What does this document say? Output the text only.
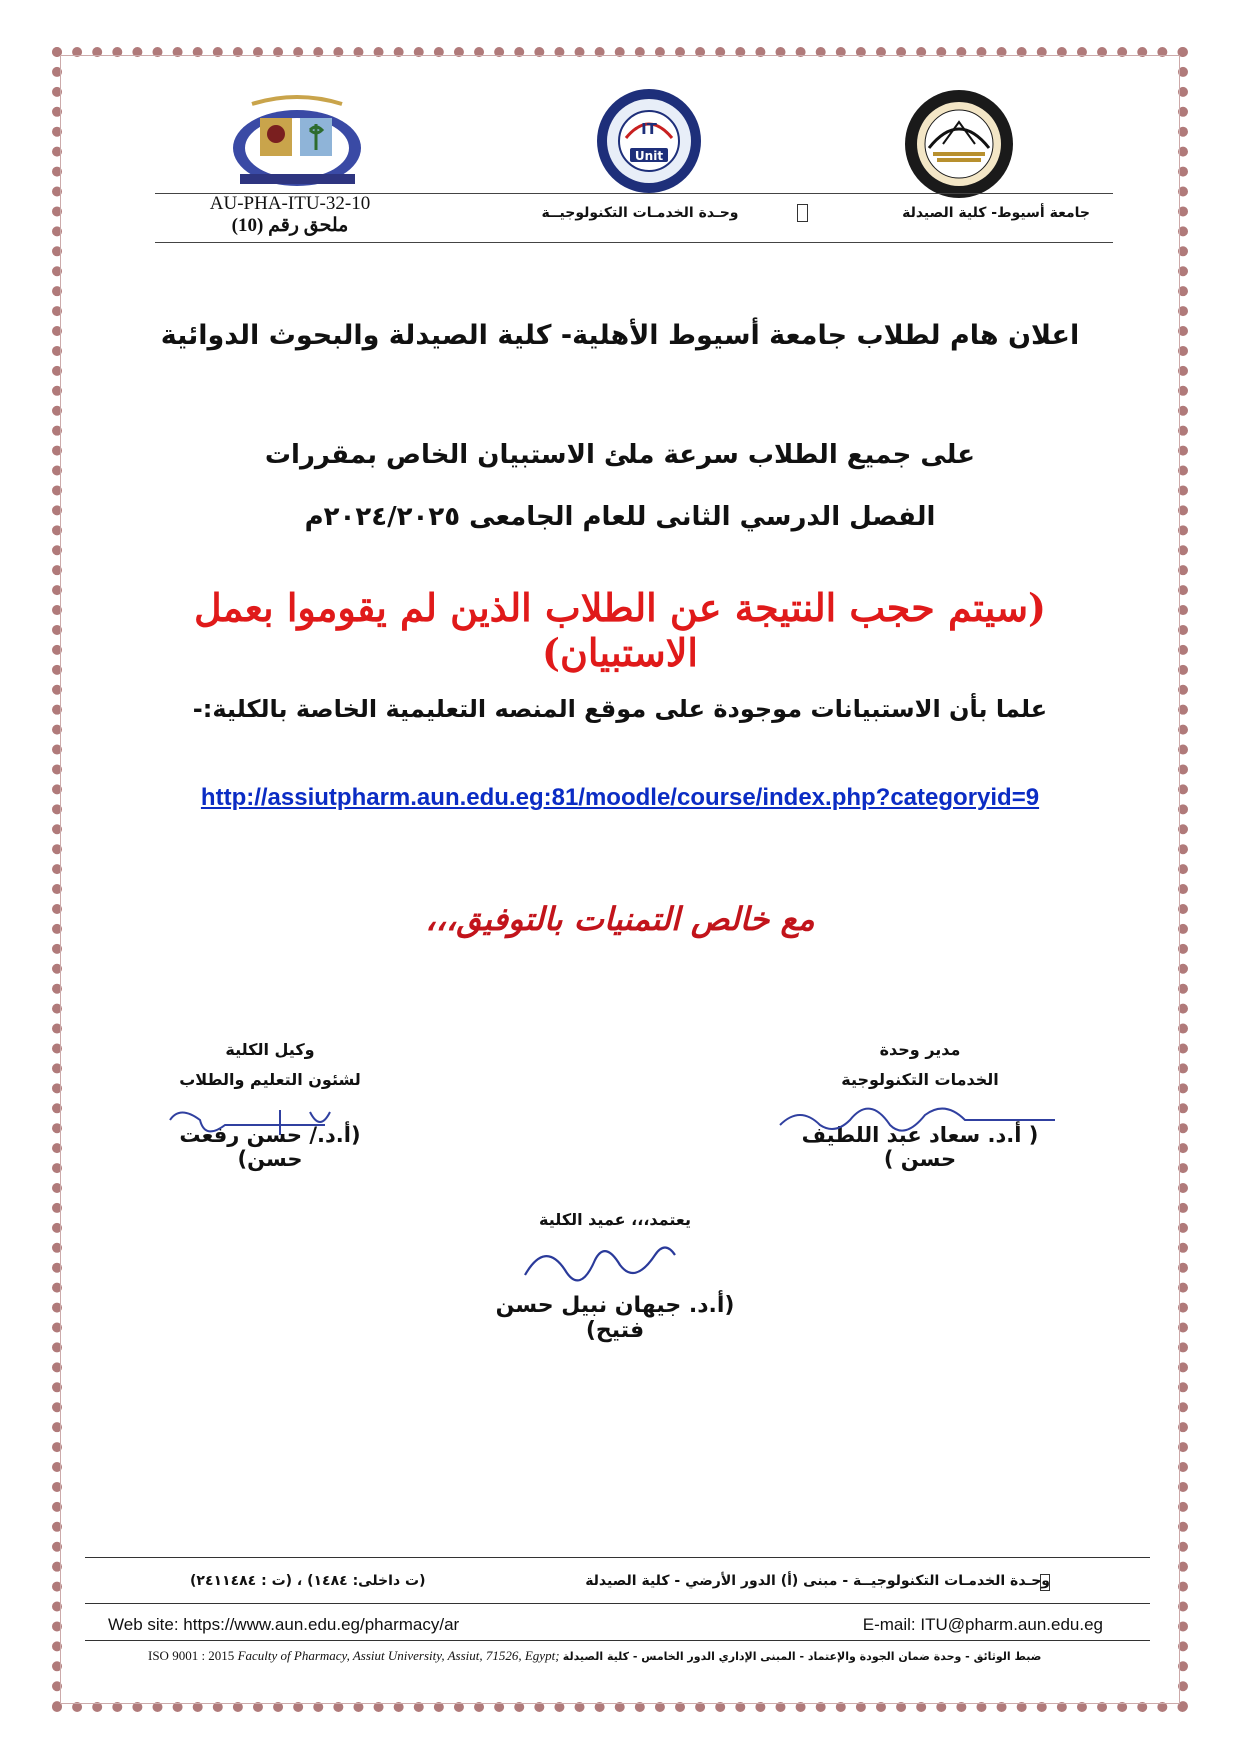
IT
Unit
AU-PHA-ITU-32-10
ملحق رقم (10)
وحـدة الخدمـات التكنولوجيــة	جامعة أسيوط- كلية الصيدلة
اعلان هام لطلاب جامعة أسيوط الأهلية- كلية الصيدلة والبحوث الدوائية
على جميع الطلاب سرعة ملئ الاستبيان الخاص بمقررات
الفصل الدرسي الثانى للعام الجامعى ٢٠٢٤/٢٠٢٥م
(سيتم حجب النتيجة عن الطلاب الذين لم يقوموا بعمل الاستبيان)
علما بأن الاستبيانات موجودة على موقع المنصه التعليمية الخاصة بالكلية:-
http://assiutpharm.aun.edu.eg:81/moodle/course/index.php?categoryid=9
مع خالص التمنيات بالتوفيق،،،
مدير وحدة
الخدمات التكنولوجية
( أ.د. سعاد عبد اللطيف حسن )
وكيل الكلية
لشئون التعليم والطلاب
(أ.د./ حسن رفعت حسن)
يعتمد،،، عميد الكلية
(أ.د. جيهان نبيل حسن فتيح)
وحـدة الخدمـات التكنولوجيــة - مبنى (أ) الدور الأرضي - كلية الصيدلة
(ت داخلى: ١٤٨٤) ، (ت : ٢٤١١٤٨٤)
Web site: https://www.aun.edu.eg/pharmacy/ar	E-mail: ITU@pharm.aun.edu.eg
ISO 9001 : 2015 Faculty of Pharmacy, Assiut University, Assiut, 71526, Egypt; ضبط الوثائق - وحدة ضمان الجودة والإعتماد - المبنى الإداري الدور الخامس - كلية الصيدلة
